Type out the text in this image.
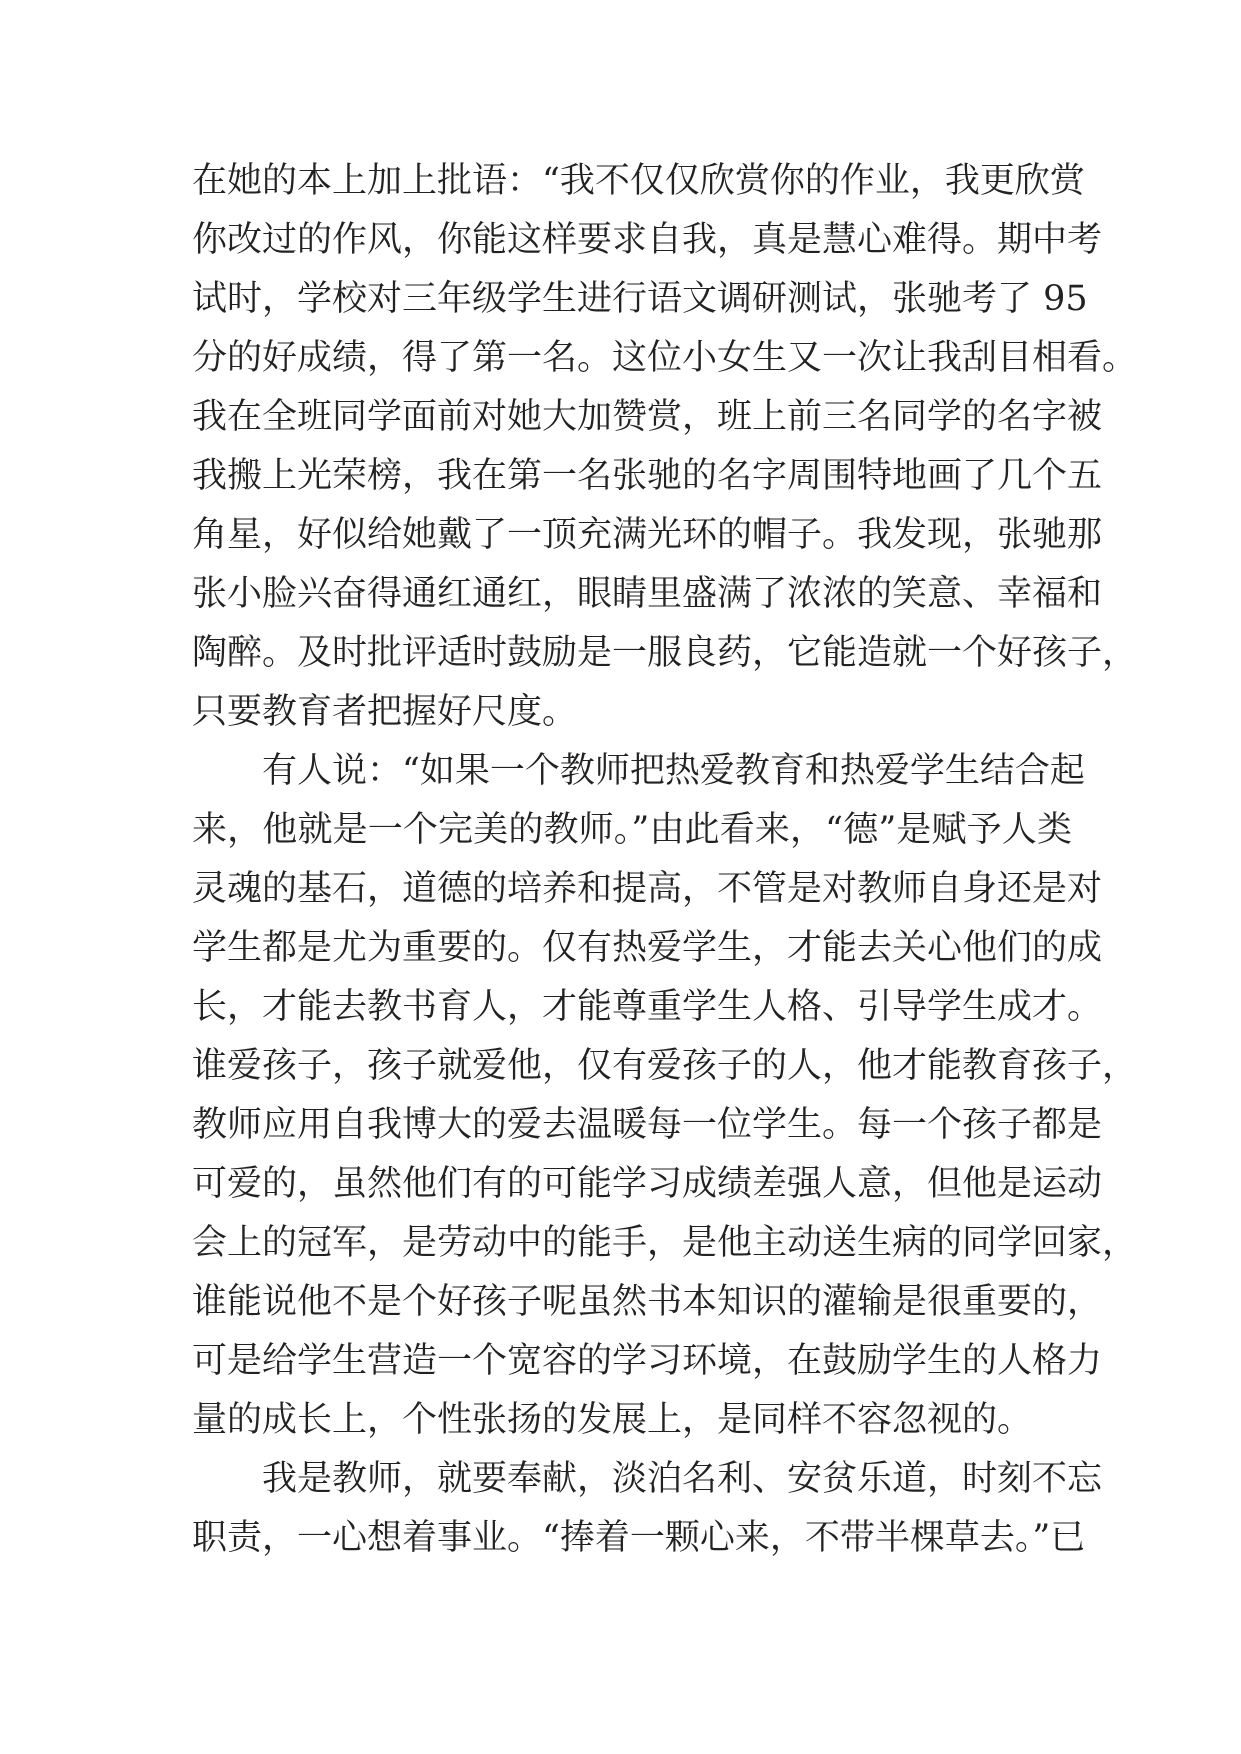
在她的本上加上批语：“我不仅仅欣赏你的作业，我更欣赏
你改过的作风，你能这样要求自我，真是慧心难得。期中考
试时，学校对三年级学生进行语文调研测试，张驰考了 95
分的好成绩，得了第一名。这位小女生又一次让我刮目相看。
我在全班同学面前对她大加赞赏，班上前三名同学的名字被
我搬上光荣榜，我在第一名张驰的名字周围特地画了几个五
角星，好似给她戴了一顶充满光环的帽子。我发现，张驰那
张小脸兴奋得通红通红，眼睛里盛满了浓浓的笑意、幸福和
陶醉。及时批评适时鼓励是一服良药，它能造就一个好孩子，
只要教育者把握好尺度。
有人说：“如果一个教师把热爱教育和热爱学生结合起
来，他就是一个完美的教师。”由此看来，“德”是赋予人类
灵魂的基石，道德的培养和提高，不管是对教师自身还是对
学生都是尤为重要的。仅有热爱学生，才能去关心他们的成
长，才能去教书育人，才能尊重学生人格、引导学生成才。
谁爱孩子，孩子就爱他，仅有爱孩子的人，他才能教育孩子，
教师应用自我博大的爱去温暖每一位学生。每一个孩子都是
可爱的，虽然他们有的可能学习成绩差强人意，但他是运动
会上的冠军，是劳动中的能手，是他主动送生病的同学回家，
谁能说他不是个好孩子呢虽然书本知识的灌输是很重要的，
可是给学生营造一个宽容的学习环境，在鼓励学生的人格力
量的成长上，个性张扬的发展上，是同样不容忽视的。
我是教师，就要奉献，淡泊名利、安贫乐道，时刻不忘
职责，一心想着事业。“捧着一颗心来，不带半棵草去。”已
